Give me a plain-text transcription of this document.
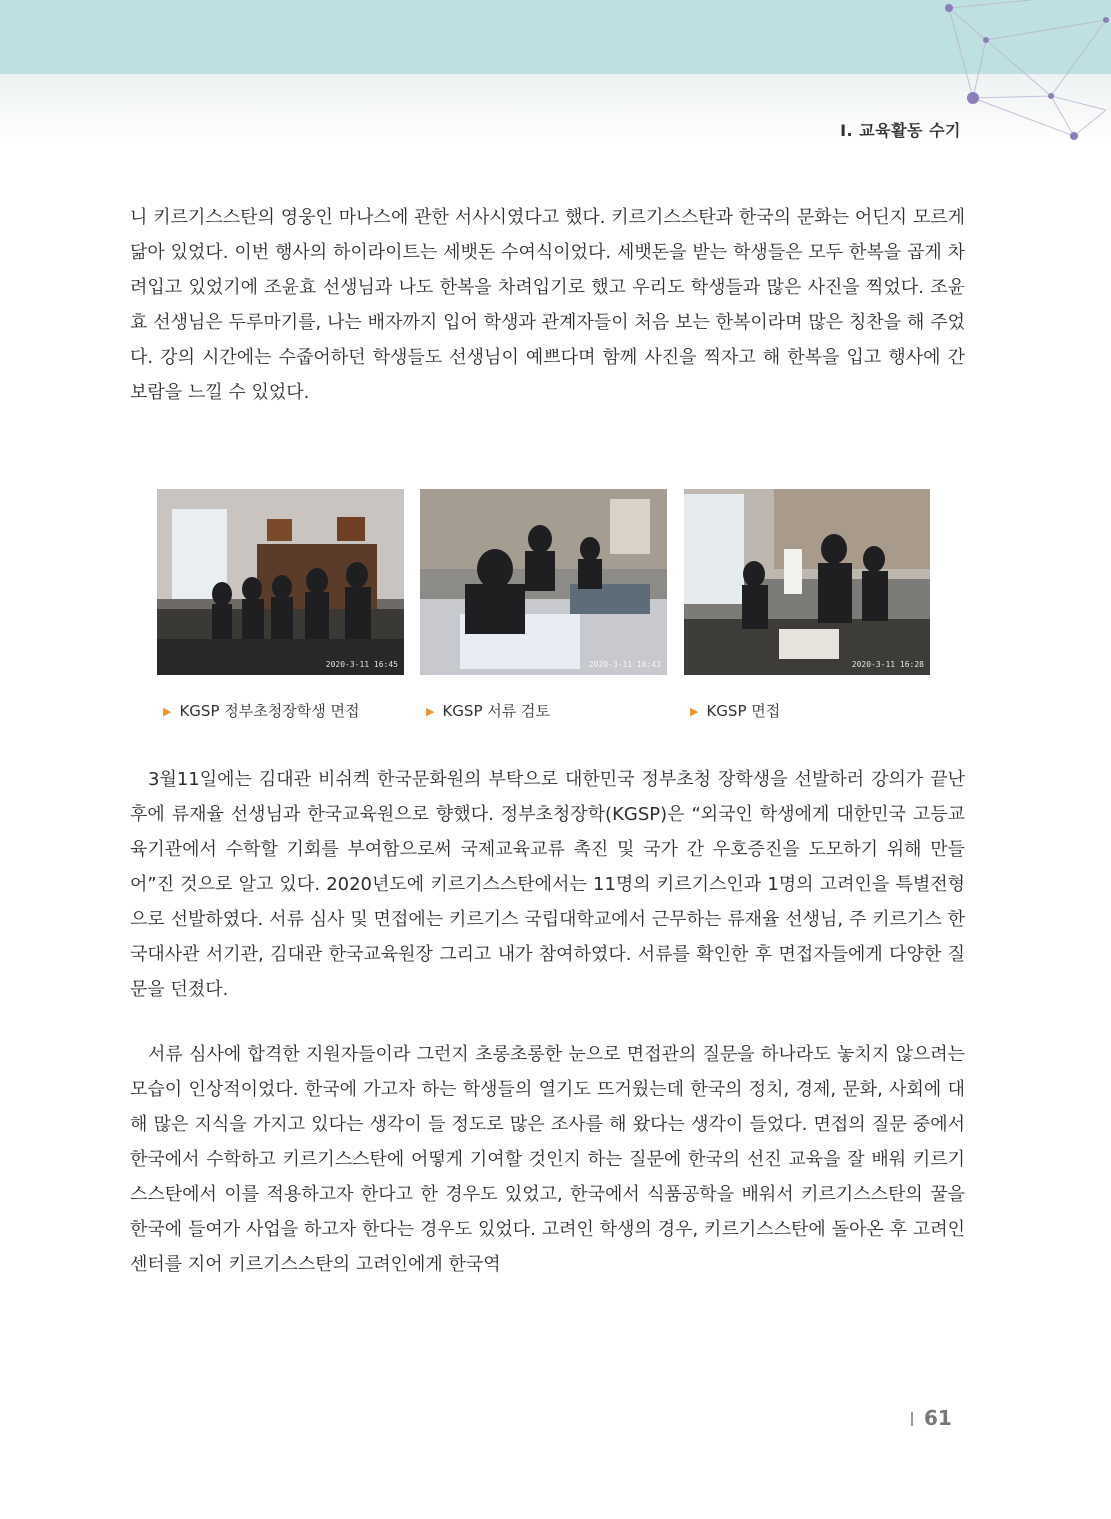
Ⅰ. 교육활동 수기

니 키르기스스탄의 영웅인 마나스에 관한 서사시였다고 했다. 키르기스스탄과 한국의 문화는 어딘지 모르게 닮아 있었다. 이번 행사의 하이라이트는 세뱃돈 수여식이었다. 세뱃돈을 받는 학생들은 모두 한복을 곱게 차려입고 있었기에 조윤효 선생님과 나도 한복을 차려입기로 했고 우리도 학생들과 많은 사진을 찍었다. 조윤효 선생님은 두루마기를, 나는 배자까지 입어 학생과 관계자들이 처음 보는 한복이라며 많은 칭찬을 해 주었다. 강의 시간에는 수줍어하던 학생들도 선생님이 예쁘다며 함께 사진을 찍자고 해 한복을 입고 행사에 간 보람을 느낄 수 있었다.

2020-3-11 16:45	2020-3-11 16:43	2020-3-11 16:28
▶ KGSP 정부초청장학생 면접	▶ KGSP 서류 검토	▶ KGSP 면접

3월11일에는 김대관 비쉬켁 한국문화원의 부탁으로 대한민국 정부초청 장학생을 선발하러 강의가 끝난 후에 류재율 선생님과 한국교육원으로 향했다. 정부초청장학(KGSP)은 “외국인 학생에게 대한민국 고등교육기관에서 수학할 기회를 부여함으로써 국제교육교류 촉진 및 국가 간 우호증진을 도모하기 위해 만들어”진 것으로 알고 있다. 2020년도에 키르기스스탄에서는 11명의 키르기스인과 1명의 고려인을 특별전형으로 선발하였다. 서류 심사 및 면접에는 키르기스 국립대학교에서 근무하는 류재율 선생님, 주 키르기스 한국대사관 서기관, 김대관 한국교육원장 그리고 내가 참여하였다. 서류를 확인한 후 면접자들에게 다양한 질문을 던졌다.

서류 심사에 합격한 지원자들이라 그런지 초롱초롱한 눈으로 면접관의 질문을 하나라도 놓치지 않으려는 모습이 인상적이었다. 한국에 가고자 하는 학생들의 열기도 뜨거웠는데 한국의 정치, 경제, 문화, 사회에 대해 많은 지식을 가지고 있다는 생각이 들 정도로 많은 조사를 해 왔다는 생각이 들었다. 면접의 질문 중에서 한국에서 수학하고 키르기스스탄에 어떻게 기여할 것인지 하는 질문에 한국의 선진 교육을 잘 배워 키르기스스탄에서 이를 적용하고자 한다고 한 경우도 있었고, 한국에서 식품공학을 배워서 키르기스스탄의 꿀을 한국에 들여가 사업을 하고자 한다는 경우도 있었다. 고려인 학생의 경우, 키르기스스탄에 돌아온 후 고려인 센터를 지어 키르기스스탄의 고려인에게 한국역

61
